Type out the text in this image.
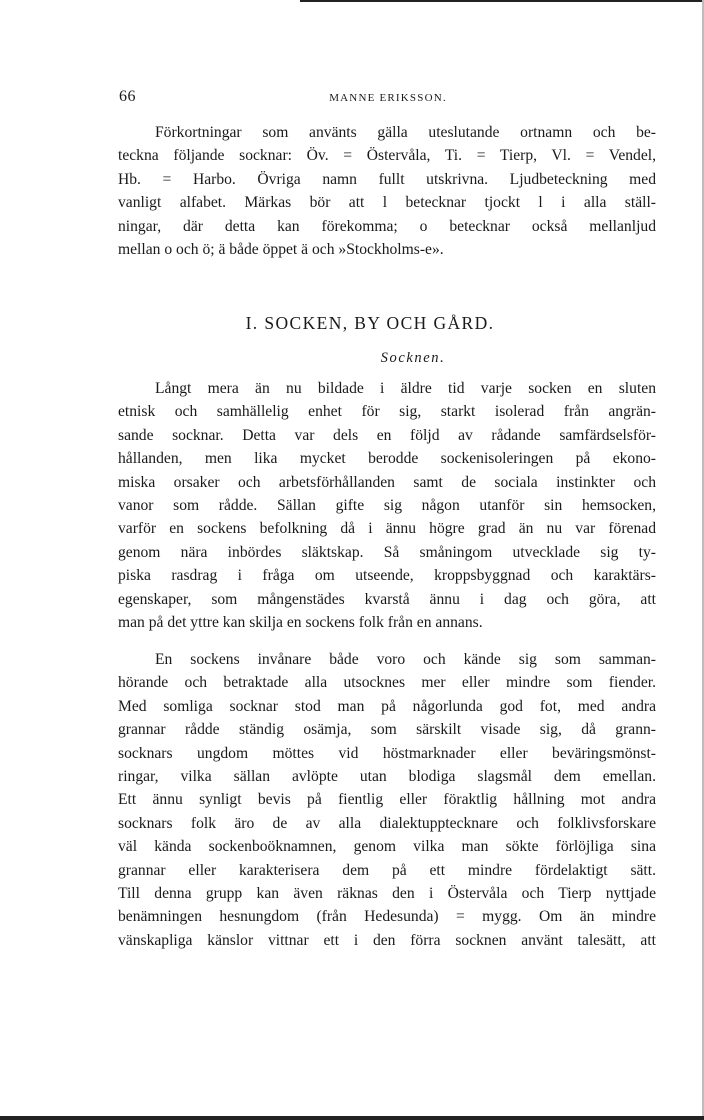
66	MANNE ERIKSSON.
Förkortningar som använts gälla uteslutande ortnamn och be-
teckna följande socknar: Öv. = Östervåla, Ti. = Tierp, Vl. = Vendel,
Hb. = Harbo. Övriga namn fullt utskrivna. Ljudbeteckning med
vanligt alfabet. Märkas bör att l betecknar tjockt l i alla ställ-
ningar, där detta kan förekomma; o betecknar också mellanljud
mellan o och ö; ä både öppet ä och »Stockholms-e».
I. SOCKEN, BY OCH GÅRD.
Socknen.
Långt mera än nu bildade i äldre tid varje socken en sluten
etnisk och samhällelig enhet för sig, starkt isolerad från angrän-
sande socknar. Detta var dels en följd av rådande samfärdselsför-
hållanden, men lika mycket berodde sockenisoleringen på ekono-
miska orsaker och arbetsförhållanden samt de sociala instinkter och
vanor som rådde. Sällan gifte sig någon utanför sin hemsocken,
varför en sockens befolkning då i ännu högre grad än nu var förenad
genom nära inbördes släktskap. Så småningom utvecklade sig ty-
piska rasdrag i fråga om utseende, kroppsbyggnad och karaktärs-
egenskaper, som mångenstädes kvarstå ännu i dag och göra, att
man på det yttre kan skilja en sockens folk från en annans.
En sockens invånare både voro och kände sig som samman-
hörande och betraktade alla utsocknes mer eller mindre som fiender.
Med somliga socknar stod man på någorlunda god fot, med andra
grannar rådde ständig osämja, som särskilt visade sig, då grann-
socknars ungdom möttes vid höstmarknader eller beväringsmönst-
ringar, vilka sällan avlöpte utan blodiga slagsmål dem emellan.
Ett ännu synligt bevis på fientlig eller föraktlig hållning mot andra
socknars folk äro de av alla dialektuppteckn​are och folklivsforskare
väl kända sockenboöknamnen, genom vilka man sökte förlöjliga sina
grannar eller karakterisera dem på ett mindre fördelaktigt sätt.
Till denna grupp kan även räknas den i Östervåla och Tierp nyttjade
benämningen hesnungdom (från Hedesunda) = mygg. Om än mindre
vänskapliga känslor vittnar ett i den förra socknen använt talesätt, att
